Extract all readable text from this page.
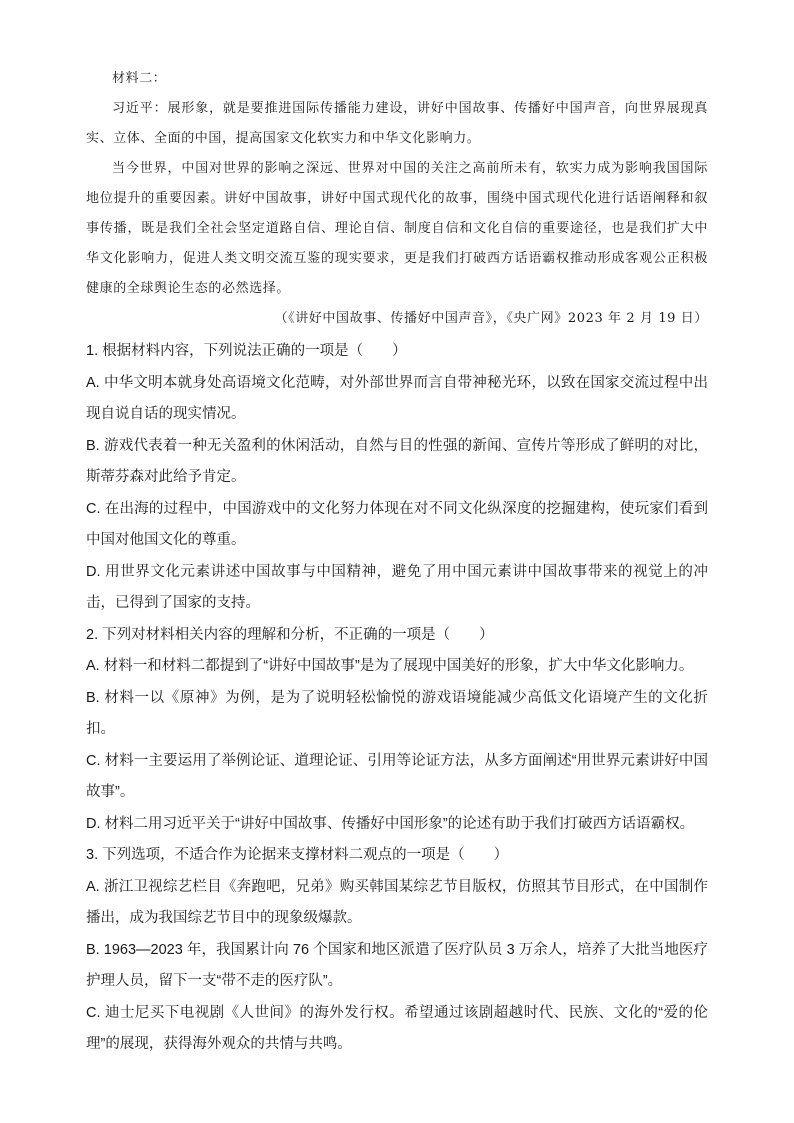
材料二：

习近平：展形象，就是要推进国际传播能力建设，讲好中国故事、传播好中国声音，向世界展现真实、立体、全面的中国，提高国家文化软实力和中华文化影响力。

当今世界，中国对世界的影响之深远、世界对中国的关注之高前所未有，软实力成为影响我国国际地位提升的重要因素。讲好中国故事，讲好中国式现代化的故事，围绕中国式现代化进行话语阐释和叙事传播，既是我们全社会坚定道路自信、理论自信、制度自信和文化自信的重要途径，也是我们扩大中华文化影响力，促进人类文明交流互鉴的现实要求，更是我们打破西方话语霸权推动形成客观公正积极健康的全球舆论生态的必然选择。

（《讲好中国故事、传播好中国声音》，《央广网》2023 年 2 月 19 日）

1. 根据材料内容，下列说法正确的一项是（　　）

A. 中华文明本就身处高语境文化范畴，对外部世界而言自带神秘光环，以致在国家交流过程中出现自说自话的现实情况。

B. 游戏代表着一种无关盈利的休闲活动，自然与目的性强的新闻、宣传片等形成了鲜明的对比，斯蒂芬森对此给予肯定。

C. 在出海的过程中，中国游戏中的文化努力体现在对不同文化纵深度的挖掘建构，使玩家们看到中国对他国文化的尊重。

D. 用世界文化元素讲述中国故事与中国精神，避免了用中国元素讲中国故事带来的视觉上的冲击，已得到了国家的支持。

2. 下列对材料相关内容的理解和分析，不正确的一项是（　　）

A. 材料一和材料二都提到了“讲好中国故事”是为了展现中国美好的形象，扩大中华文化影响力。

B. 材料一以《原神》为例，是为了说明轻松愉悦的游戏语境能减少高低文化语境产生的文化折扣。

C. 材料一主要运用了举例论证、道理论证、引用等论证方法，从多方面阐述“用世界元素讲好中国故事”。

D. 材料二用习近平关于“讲好中国故事、传播好中国形象”的论述有助于我们打破西方话语霸权。

3. 下列选项，不适合作为论据来支撑材料二观点的一项是（　　）

A. 浙江卫视综艺栏目《奔跑吧，兄弟》购买韩国某综艺节目版权，仿照其节目形式，在中国制作播出，成为我国综艺节目中的现象级爆款。

B. 1963—2023 年，我国累计向 76 个国家和地区派遣了医疗队员 3 万余人，培养了大批当地医疗护理人员，留下一支“带不走的医疗队”。

C. 迪士尼买下电视剧《人世间》的海外发行权。希望通过该剧超越时代、民族、文化的“爱的伦理”的展现，获得海外观众的共情与共鸣。
